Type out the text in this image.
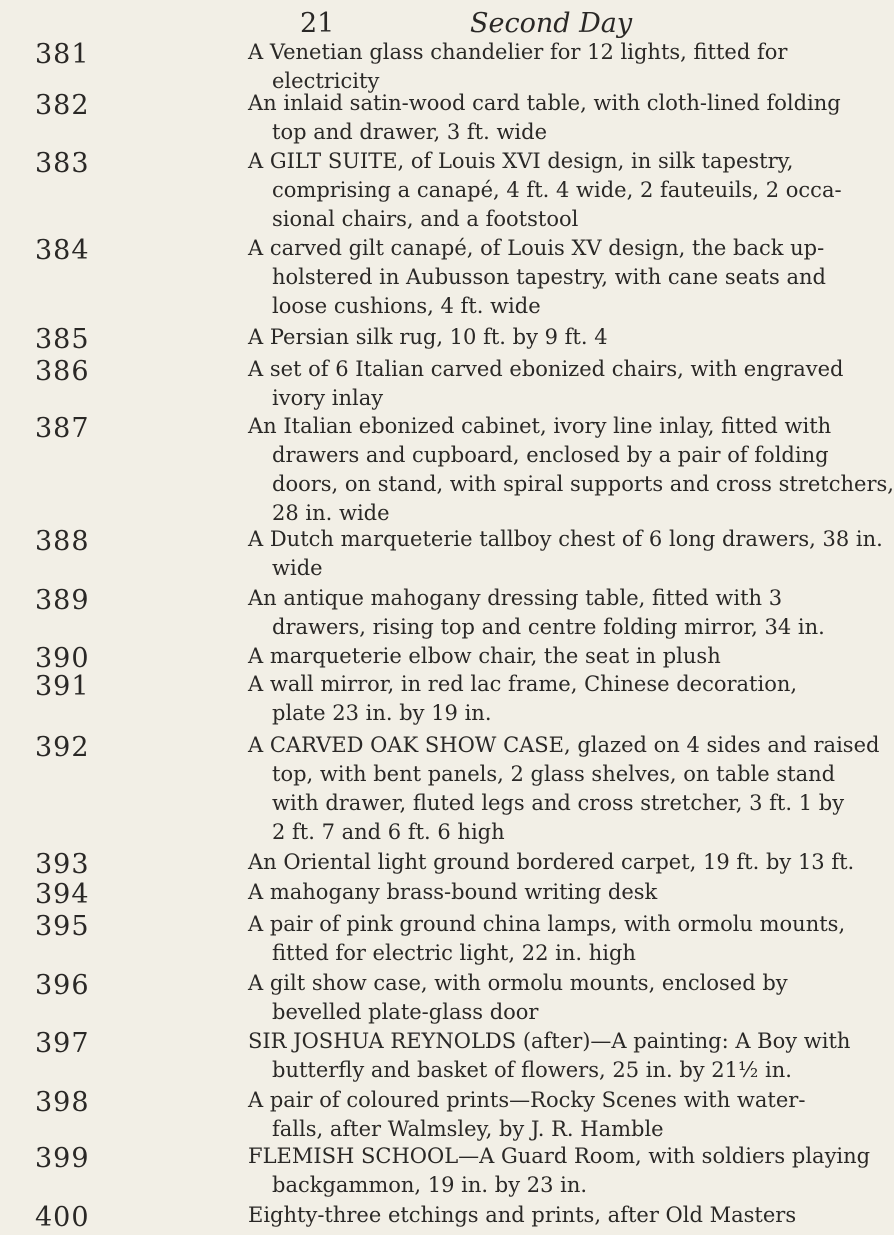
21	Second Day
381	A Venetian glass chandelier for 12 lights, fitted for
electricity
382	An inlaid satin-wood card table, with cloth-lined folding
top and drawer, 3 ft. wide
383	A GILT SUITE, of Louis XVI design, in silk tapestry,
comprising a canapé, 4 ft. 4 wide, 2 fauteuils, 2 occa-
sional chairs, and a footstool
384	A carved gilt canapé, of Louis XV design, the back up-
holstered in Aubusson tapestry, with cane seats and
loose cushions, 4 ft. wide
385	A Persian silk rug, 10 ft. by 9 ft. 4
386	A set of 6 Italian carved ebonized chairs, with engraved
ivory inlay
387	An Italian ebonized cabinet, ivory line inlay, fitted with
drawers and cupboard, enclosed by a pair of folding
doors, on stand, with spiral supports and cross stretchers,
28 in. wide
388	A Dutch marqueterie tallboy chest of 6 long drawers, 38 in.
wide
389	An antique mahogany dressing table, fitted with 3
drawers, rising top and centre folding mirror, 34 in.
390	A marqueterie elbow chair, the seat in plush
391	A wall mirror, in red lac frame, Chinese decoration,
plate 23 in. by 19 in.
392	A CARVED OAK SHOW CASE, glazed on 4 sides and raised
top, with bent panels, 2 glass shelves, on table stand
with drawer, fluted legs and cross stretcher, 3 ft. 1 by
2 ft. 7 and 6 ft. 6 high
393	An Oriental light ground bordered carpet, 19 ft. by 13 ft.
394	A mahogany brass-bound writing desk
395	A pair of pink ground china lamps, with ormolu mounts,
fitted for electric light, 22 in. high
396	A gilt show case, with ormolu mounts, enclosed by
bevelled plate-glass door
397	SIR JOSHUA REYNOLDS (after)—A painting: A Boy with
butterfly and basket of flowers, 25 in. by 21½ in.
398	A pair of coloured prints—Rocky Scenes with water-
falls, after Walmsley, by J. R. Hamble
399	FLEMISH SCHOOL—A Guard Room, with soldiers playing
backgammon, 19 in. by 23 in.
400	Eighty-three etchings and prints, after Old Masters
